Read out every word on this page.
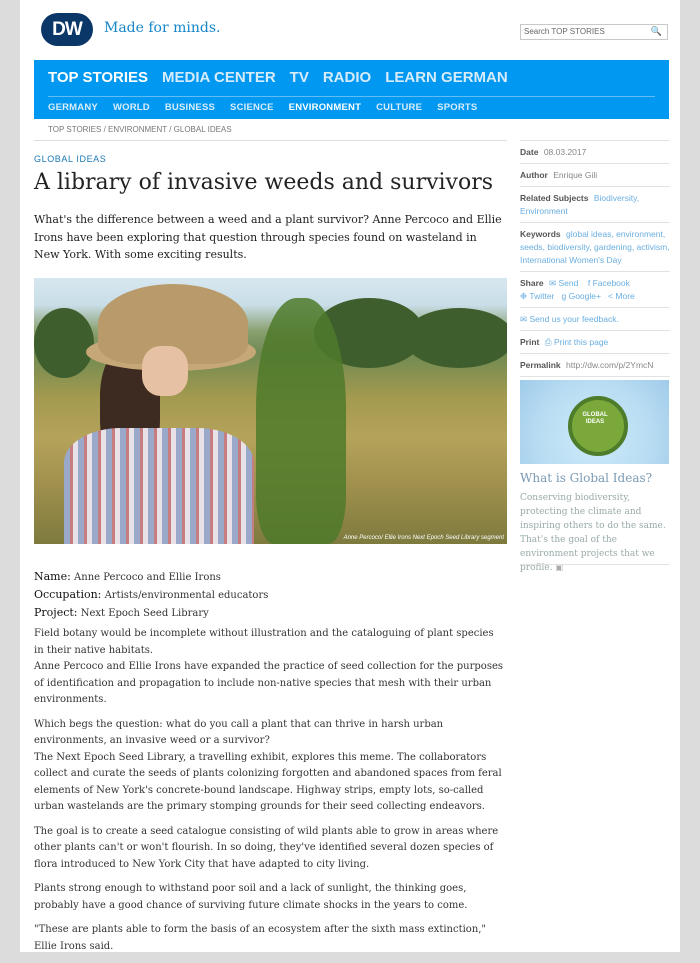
DW	Made for minds.	Search TOP STORIES	🔍
TOP STORIES MEDIA CENTER TV RADIO LEARN GERMAN
GERMANY WORLD BUSINESS SCIENCE ENVIRONMENT CULTURE SPORTS
TOP STORIES / ENVIRONMENT / GLOBAL IDEAS
GLOBAL IDEAS
A library of invasive weeds and survivors
What's the difference between a weed and a plant survivor? Anne Percoco and Ellie Irons have been exploring that question through species found on wasteland in New York. With some exciting results.
Anne Percoco/ Ellie Irons Next Epoch Seed Library segment
Name: Anne Percoco and Ellie Irons
Occupation: Artists/environmental educators
Project: Next Epoch Seed Library

Field botany would be incomplete without illustration and the cataloguing of plant species in their native habitats.
Anne Percoco and Ellie Irons have expanded the practice of seed collection for the purposes of identification and propagation to include non-native species that mesh with their urban environments.

Which begs the question: what do you call a plant that can thrive in harsh urban environments, an invasive weed or a survivor?
The Next Epoch Seed Library, a travelling exhibit, explores this meme. The collaborators collect and curate the seeds of plants colonizing forgotten and abandoned spaces from feral elements of New York's concrete-bound landscape. Highway strips, empty lots, so-called urban wastelands are the primary stomping grounds for their seed collecting endeavors.

The goal is to create a seed catalogue consisting of wild plants able to grow in areas where other plants can't or won't flourish. In so doing, they've identified several dozen species of flora introduced to New York City that have adapted to city living.

Plants strong enough to withstand poor soil and a lack of sunlight, the thinking goes, probably have a good chance of surviving future climate shocks in the years to come.

"These are plants able to form the basis of an ecosystem after the sixth mass extinction," Ellie Irons said.

Date 08.03.2017
Author Enrique Gili
Related Subjects Biodiversity, Environment
Keywords global ideas, environment, seeds, biodiversity, gardening, activism, International Women's Day
Share ✉ Send f Facebook
❉ Twitter g Google+ < More
✉ Send us your feedback.
Print ⎙ Print this page
Permalink http://dw.com/p/2YmcN
GLOBAL IDEAS
What is Global Ideas?
Conserving biodiversity, protecting the climate and inspiring others to do the same. That's the goal of the environment projects that we profile. ▣
